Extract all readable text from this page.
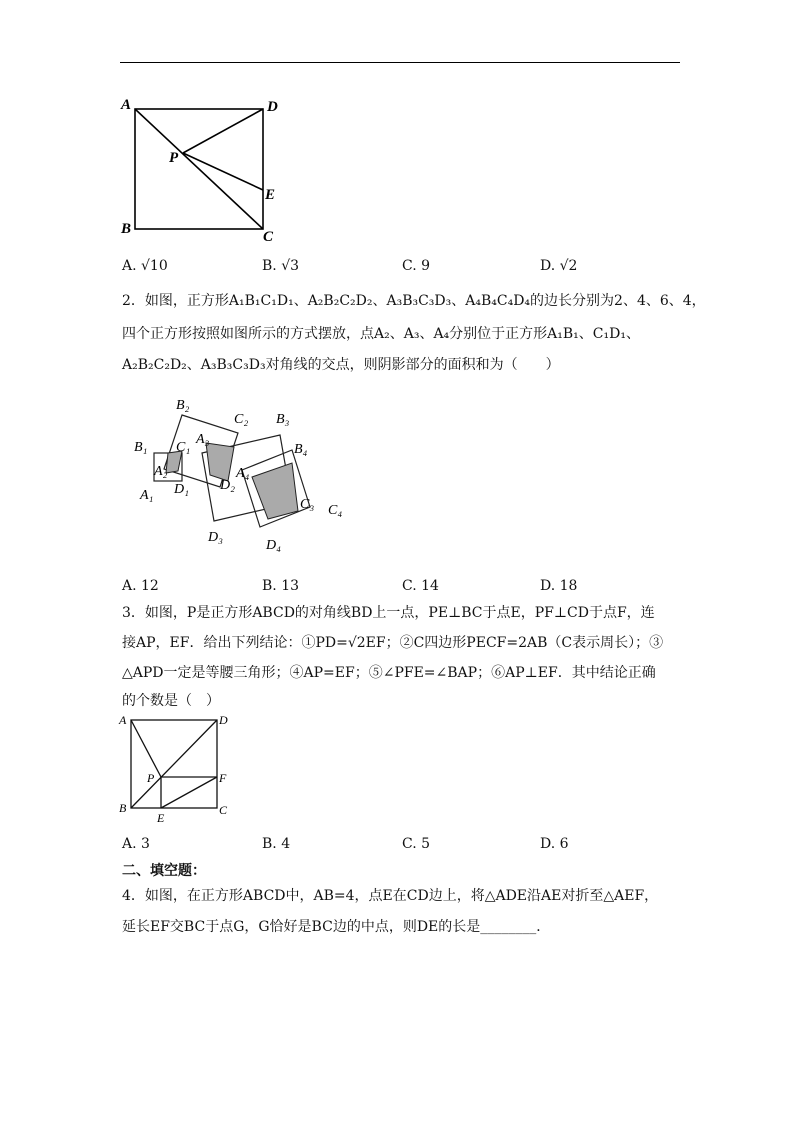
A	D
P
E
B	C
A. √10	B. √3	C. 9	D. √2
2．如图，正方形A₁B₁C₁D₁、A₂B₂C₂D₂、A₃B₃C₃D₃、A₄B₄C₄D₄的边长分别为2、4、6、4，
四个正方形按照如图所示的方式摆放，点A₂、A₃、A₄分别位于正方形A₁B₁、C₁D₁、
A₂B₂C₂D₂、A₃B₃C₃D₃对角线的交点，则阴影部分的面积和为（　　）
B₂
C₂ B₃
B₄
B₁ C₁
A₃
A₂
D₁
A₁
A₄
D₂
C₃ C₄
D₃
D₄
A. 12	B. 13	C. 14	D. 18
3．如图，P是正方形ABCD的对角线BD上一点，PE⊥BC于点E，PF⊥CD于点F，连
接AP，EF．给出下列结论：①PD=√2EF；②C四边形PECF=2AB（C表示周长）；③
△APD一定是等腰三角形；④AP=EF；⑤∠PFE=∠BAP；⑥AP⊥EF．其中结论正确
的个数是（　）
A	D
P	F
B
E
C
A. 3	B. 4	C. 5	D. 6
二、填空题：
4．如图，在正方形ABCD中，AB=4，点E在CD边上，将△ADE沿AE对折至△AEF，
延长EF交BC于点G，G恰好是BC边的中点，则DE的长是________．
